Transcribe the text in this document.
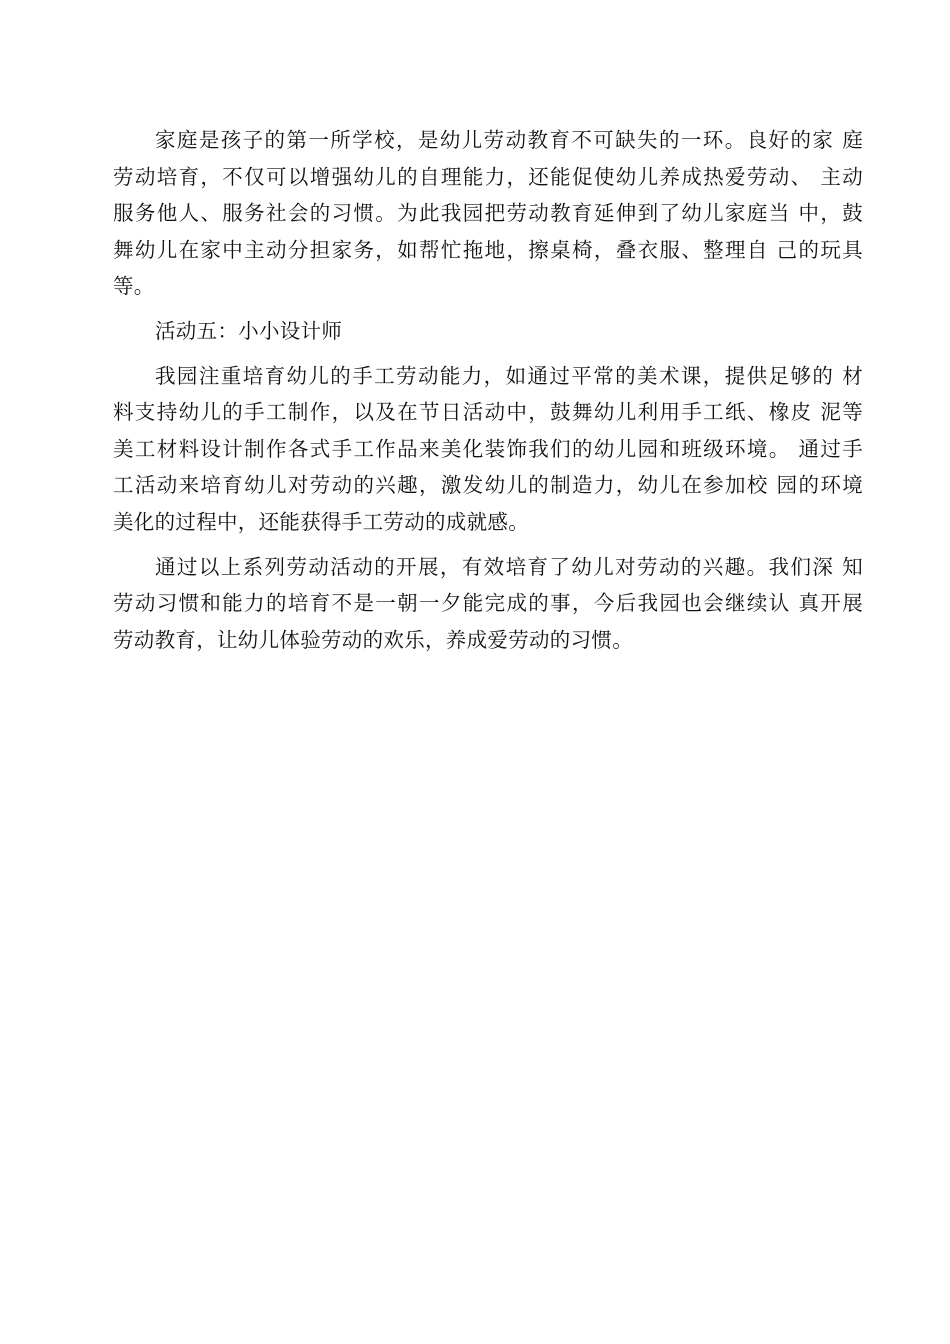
家庭是孩子的第一所学校，是幼儿劳动教育不可缺失的一环。良好的家 庭
劳动培育，不仅可以增强幼儿的自理能力，还能促使幼儿养成热爱劳动、 主动
服务他人、服务社会的习惯。为此我园把劳动教育延伸到了幼儿家庭当 中，鼓
舞幼儿在家中主动分担家务，如帮忙拖地，擦桌椅，叠衣服、整理自 己的玩具
等。
活动五：小小设计师
我园注重培育幼儿的手工劳动能力，如通过平常的美术课，提供足够的 材
料支持幼儿的手工制作，以及在节日活动中，鼓舞幼儿利用手工纸、橡皮 泥等
美工材料设计制作各式手工作品来美化装饰我们的幼儿园和班级环境。 通过手
工活动来培育幼儿对劳动的兴趣，激发幼儿的制造力，幼儿在参加校 园的环境
美化的过程中，还能获得手工劳动的成就感。
通过以上系列劳动活动的开展，有效培育了幼儿对劳动的兴趣。我们深 知
劳动习惯和能力的培育不是一朝一夕能完成的事，今后我园也会继续认 真开展
劳动教育，让幼儿体验劳动的欢乐，养成爱劳动的习惯。
